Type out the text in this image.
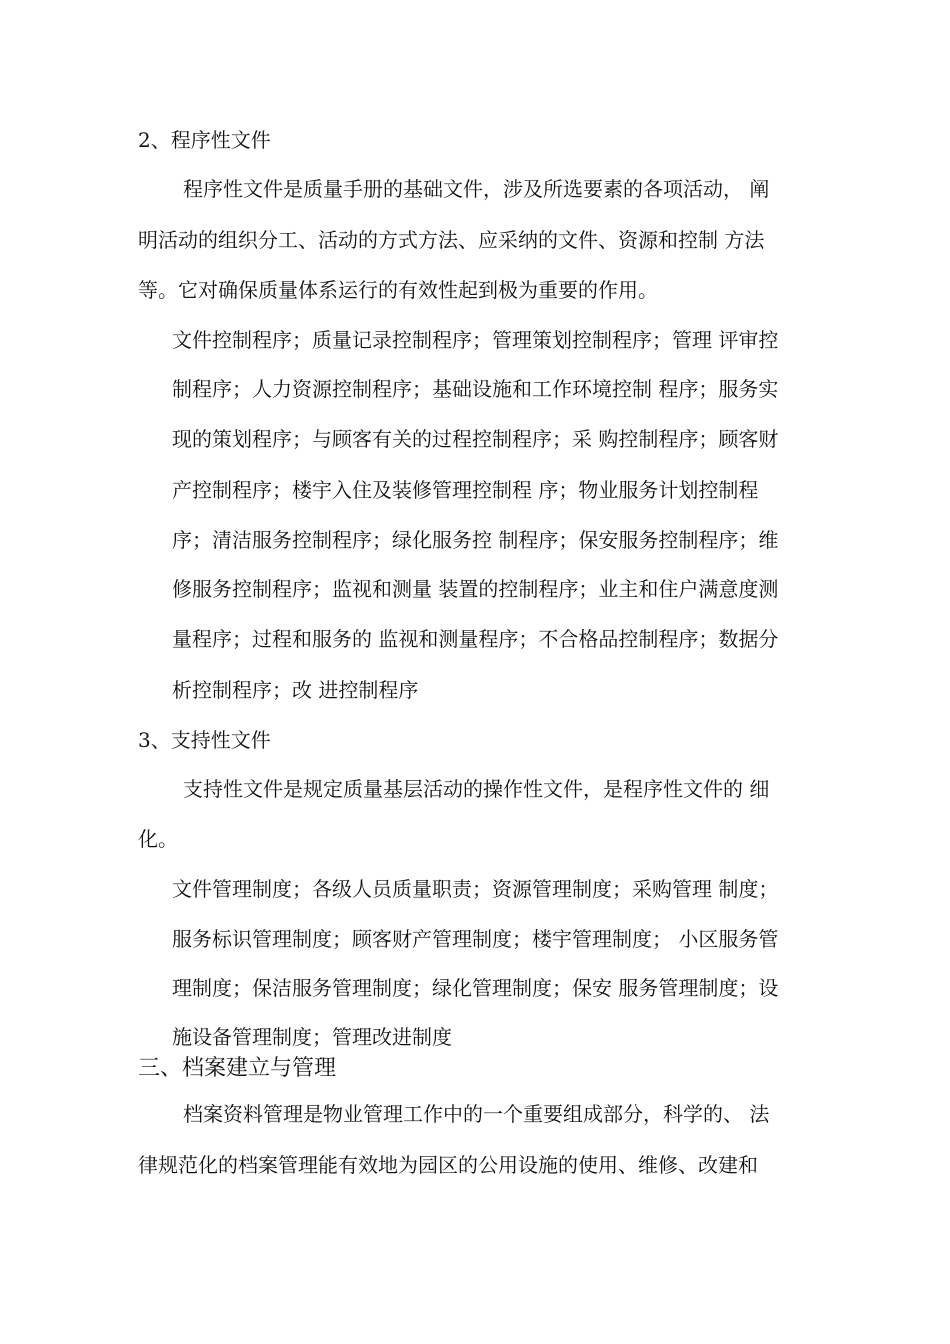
2、程序性文件
程序性文件是质量手册的基础文件，涉及所选要素的各项活动， 阐
明活动的组织分工、活动的方式方法、应采纳的文件、资源和控制 方法
等。它对确保质量体系运行的有效性起到极为重要的作用。
文件控制程序；质量记录控制程序；管理策划控制程序；管理 评审控
制程序；人力资源控制程序；基础设施和工作环境控制 程序；服务实
现的策划程序；与顾客有关的过程控制程序；采 购控制程序；顾客财
产控制程序；楼宇入住及装修管理控制程 序；物业服务计划控制程
序；清洁服务控制程序；绿化服务控 制程序；保安服务控制程序；维
修服务控制程序；监视和测量 装置的控制程序；业主和住户满意度测
量程序；过程和服务的 监视和测量程序；不合格品控制程序；数据分
析控制程序；改 进控制程序
3、支持性文件
支持性文件是规定质量基层活动的操作性文件，是程序性文件的 细
化。
文件管理制度；各级人员质量职责；资源管理制度；采购管理 制度；
服务标识管理制度；顾客财产管理制度；楼宇管理制度； 小区服务管
理制度；保洁服务管理制度；绿化管理制度；保安 服务管理制度；设
施设备管理制度；管理改进制度
三、档案建立与管理
档案资料管理是物业管理工作中的一个重要组成部分，科学的、 法
律规范化的档案管理能有效地为园区的公用设施的使用、维修、改建和
